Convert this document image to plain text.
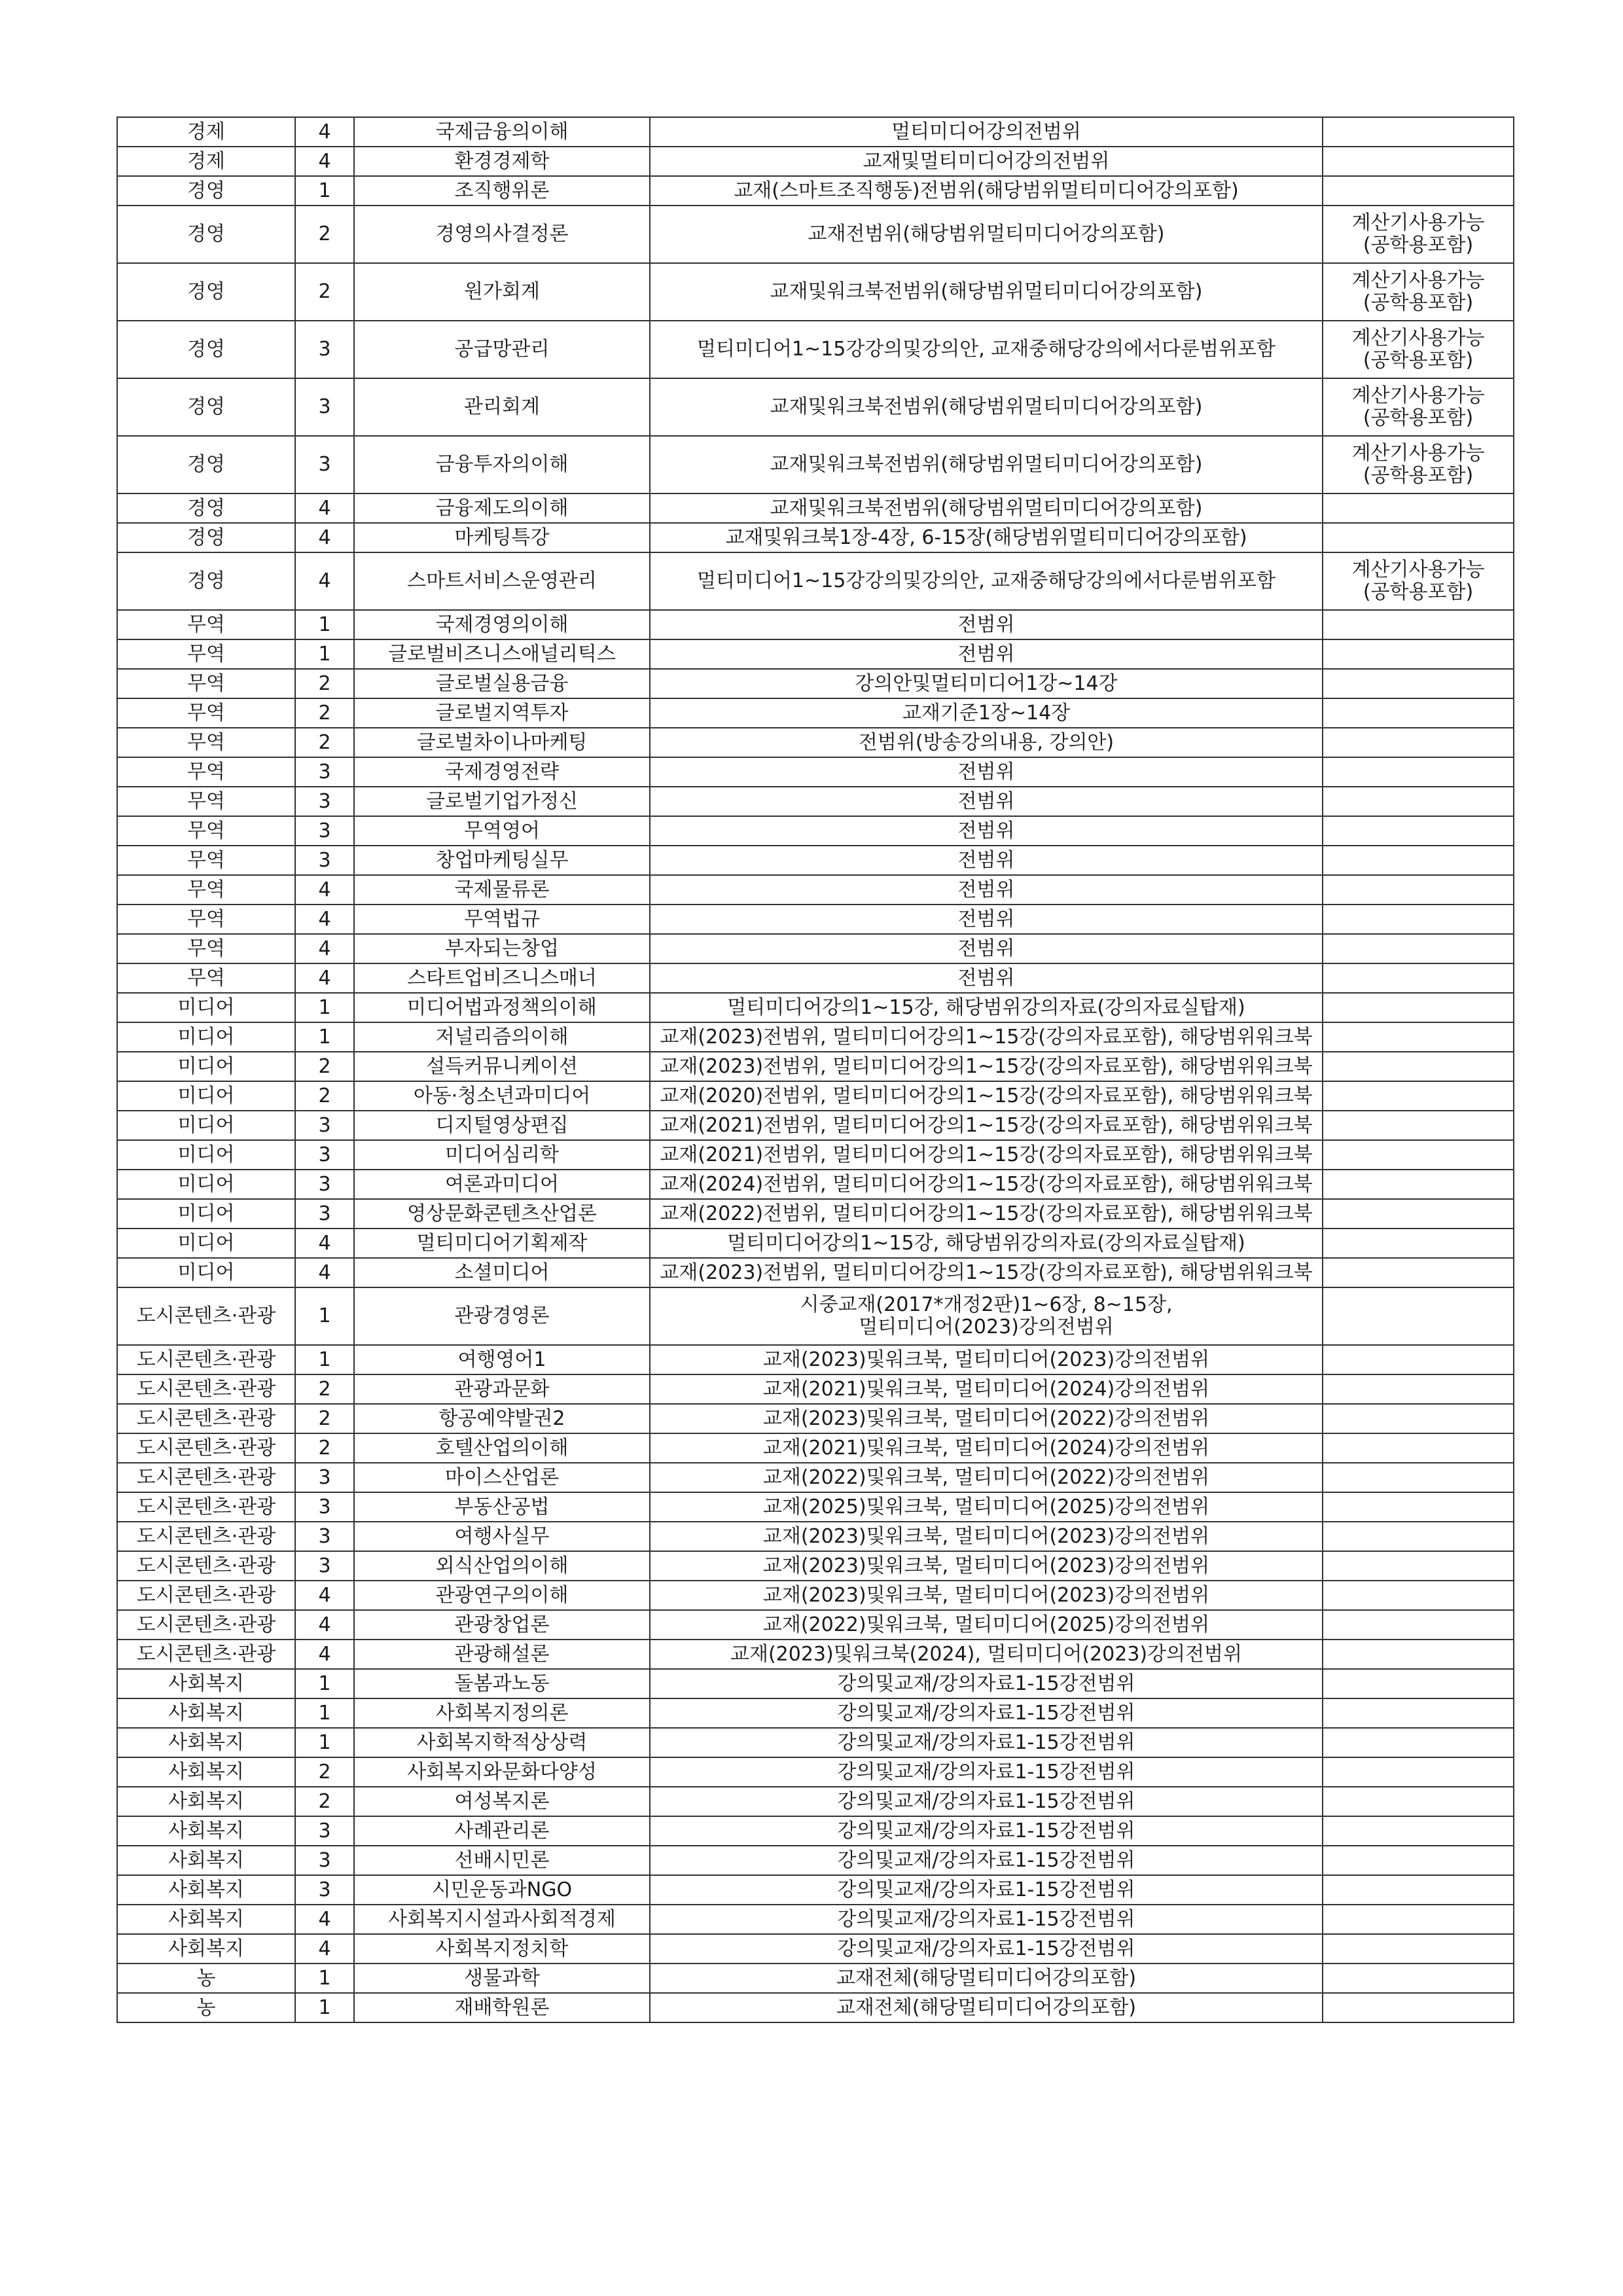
경제	4	국제금융의이해	멀티미디어강의전범위	

경제	4	환경경제학	교재및멀티미디어강의전범위	

경영	1	조직행위론	교재(스마트조직행동)전범위(해당범위멀티미디어강의포함)	

경영	2	경영의사결정론	교재전범위(해당범위멀티미디어강의포함)	계산기사용가능
(공학용포함)

경영	2	원가회계	교재및워크북전범위(해당범위멀티미디어강의포함)	계산기사용가능
(공학용포함)

경영	3	공급망관리	멀티미디어1~15강강의및강의안, 교재중해당강의에서다룬범위포함	계산기사용가능
(공학용포함)

경영	3	관리회계	교재및워크북전범위(해당범위멀티미디어강의포함)	계산기사용가능
(공학용포함)

경영	3	금융투자의이해	교재및워크북전범위(해당범위멀티미디어강의포함)	계산기사용가능
(공학용포함)

경영	4	금융제도의이해	교재및워크북전범위(해당범위멀티미디어강의포함)	

경영	4	마케팅특강	교재및워크북1장-4장, 6-15장(해당범위멀티미디어강의포함)	

경영	4	스마트서비스운영관리	멀티미디어1~15강강의및강의안, 교재중해당강의에서다룬범위포함	계산기사용가능
(공학용포함)

무역	1	국제경영의이해	전범위	

무역	1	글로벌비즈니스애널리틱스	전범위	

무역	2	글로벌실용금융	강의안및멀티미디어1강~14강	

무역	2	글로벌지역투자	교재기준1장~14장	

무역	2	글로벌차이나마케팅	전범위(방송강의내용, 강의안)	

무역	3	국제경영전략	전범위	

무역	3	글로벌기업가정신	전범위	

무역	3	무역영어	전범위	

무역	3	창업마케팅실무	전범위	

무역	4	국제물류론	전범위	

무역	4	무역법규	전범위	

무역	4	부자되는창업	전범위	

무역	4	스타트업비즈니스매너	전범위	

미디어	1	미디어법과정책의이해	멀티미디어강의1~15강, 해당범위강의자료(강의자료실탑재)	

미디어	1	저널리즘의이해	교재(2023)전범위, 멀티미디어강의1~15강(강의자료포함), 해당범위워크북	

미디어	2	설득커뮤니케이션	교재(2023)전범위, 멀티미디어강의1~15강(강의자료포함), 해당범위워크북	

미디어	2	아동·청소년과미디어	교재(2020)전범위, 멀티미디어강의1~15강(강의자료포함), 해당범위워크북	

미디어	3	디지털영상편집	교재(2021)전범위, 멀티미디어강의1~15강(강의자료포함), 해당범위워크북	

미디어	3	미디어심리학	교재(2021)전범위, 멀티미디어강의1~15강(강의자료포함), 해당범위워크북	

미디어	3	여론과미디어	교재(2024)전범위, 멀티미디어강의1~15강(강의자료포함), 해당범위워크북	

미디어	3	영상문화콘텐츠산업론	교재(2022)전범위, 멀티미디어강의1~15강(강의자료포함), 해당범위워크북	

미디어	4	멀티미디어기획제작	멀티미디어강의1~15강, 해당범위강의자료(강의자료실탑재)	

미디어	4	소셜미디어	교재(2023)전범위, 멀티미디어강의1~15강(강의자료포함), 해당범위워크북	

도시콘텐츠·관광	1	관광경영론	시중교재(2017*개정2판)1~6장, 8~15장,
멀티미디어(2023)강의전범위	

도시콘텐츠·관광	1	여행영어1	교재(2023)및워크북, 멀티미디어(2023)강의전범위	

도시콘텐츠·관광	2	관광과문화	교재(2021)및워크북, 멀티미디어(2024)강의전범위	

도시콘텐츠·관광	2	항공예약발권2	교재(2023)및워크북, 멀티미디어(2022)강의전범위	

도시콘텐츠·관광	2	호텔산업의이해	교재(2021)및워크북, 멀티미디어(2024)강의전범위	

도시콘텐츠·관광	3	마이스산업론	교재(2022)및워크북, 멀티미디어(2022)강의전범위	

도시콘텐츠·관광	3	부동산공법	교재(2025)및워크북, 멀티미디어(2025)강의전범위	

도시콘텐츠·관광	3	여행사실무	교재(2023)및워크북, 멀티미디어(2023)강의전범위	

도시콘텐츠·관광	3	외식산업의이해	교재(2023)및워크북, 멀티미디어(2023)강의전범위	

도시콘텐츠·관광	4	관광연구의이해	교재(2023)및워크북, 멀티미디어(2023)강의전범위	

도시콘텐츠·관광	4	관광창업론	교재(2022)및워크북, 멀티미디어(2025)강의전범위	

도시콘텐츠·관광	4	관광해설론	교재(2023)및워크북(2024), 멀티미디어(2023)강의전범위	

사회복지	1	돌봄과노동	강의및교재/강의자료1-15강전범위	

사회복지	1	사회복지정의론	강의및교재/강의자료1-15강전범위	

사회복지	1	사회복지학적상상력	강의및교재/강의자료1-15강전범위	

사회복지	2	사회복지와문화다양성	강의및교재/강의자료1-15강전범위	

사회복지	2	여성복지론	강의및교재/강의자료1-15강전범위	

사회복지	3	사례관리론	강의및교재/강의자료1-15강전범위	

사회복지	3	선배시민론	강의및교재/강의자료1-15강전범위	

사회복지	3	시민운동과NGO	강의및교재/강의자료1-15강전범위	

사회복지	4	사회복지시설과사회적경제	강의및교재/강의자료1-15강전범위	

사회복지	4	사회복지정치학	강의및교재/강의자료1-15강전범위	

농	1	생물과학	교재전체(해당멀티미디어강의포함)	

농	1	재배학원론	교재전체(해당멀티미디어강의포함)	
